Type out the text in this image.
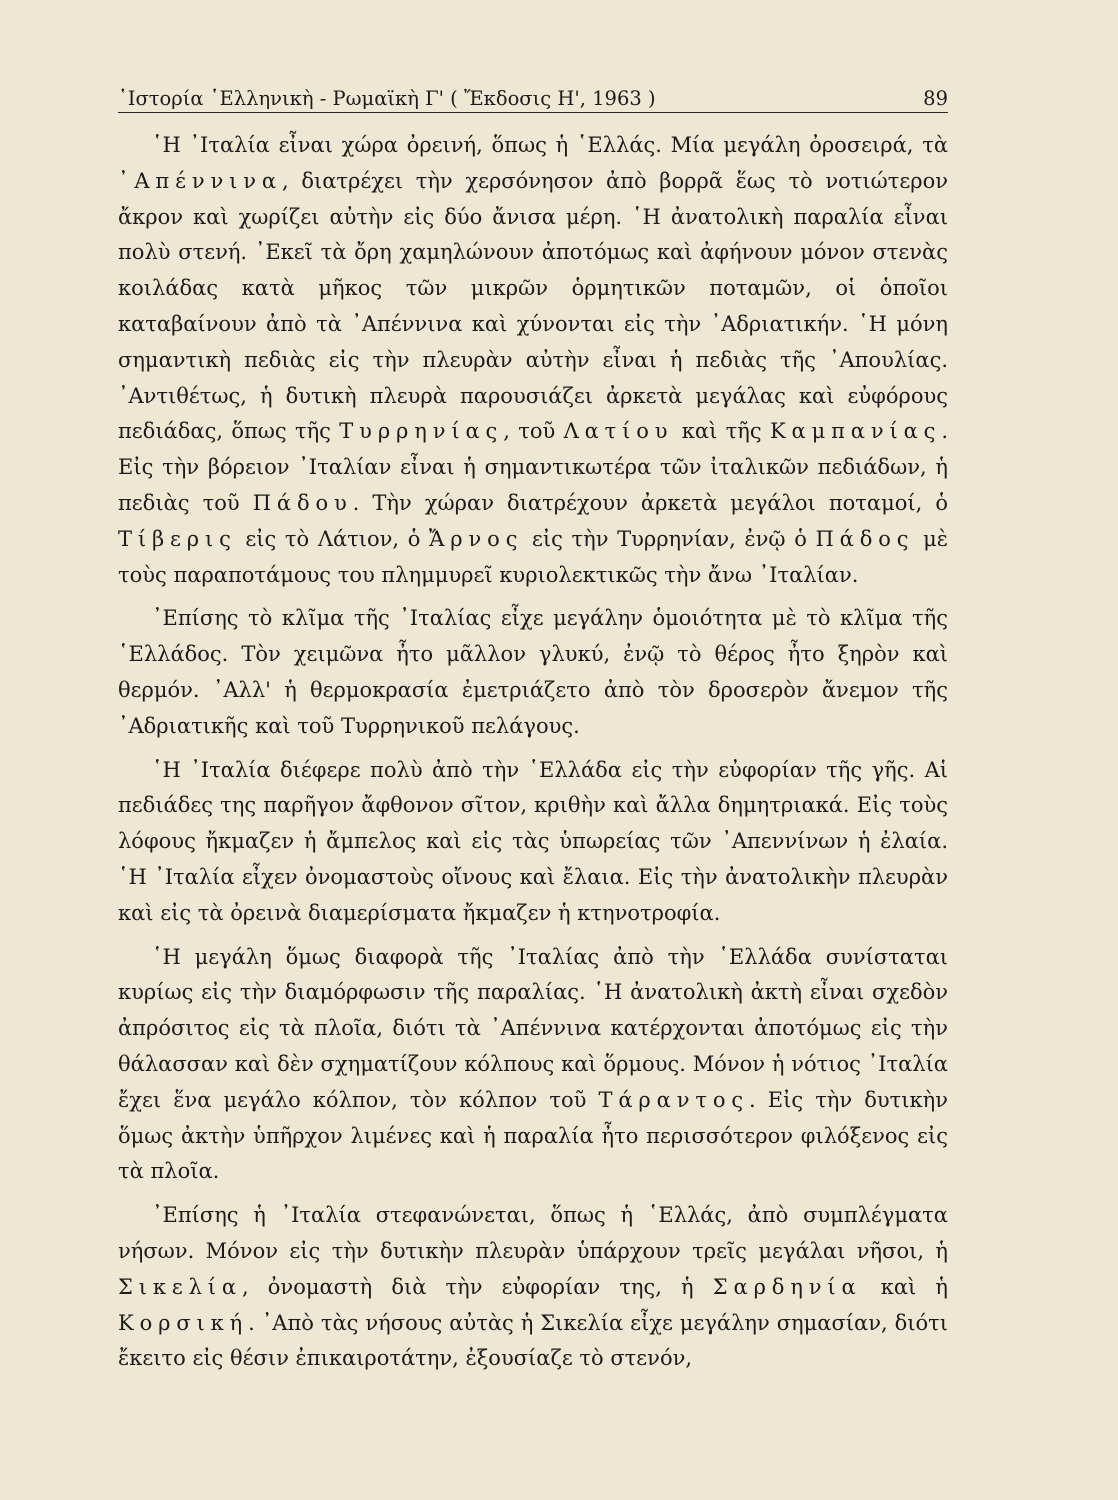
῾Ιστορία ῾Ελληνικὴ - Ρωμαϊκὴ Γ' ( Ἔκδοσις Η', 1963 )	89

῾Η ᾿Ιταλία εἶναι χώρα ὀρεινή, ὅπως ἡ ῾Ελλάς. Μία μεγάλη ὀροσειρά, τὰ ᾿Απέννινα, διατρέχει τὴν χερσόνησον ἀπὸ βορρᾶ ἕως τὸ νοτιώτερον ἄκρον καὶ χωρίζει αὐτὴν εἰς δύο ἄνισα μέρη. ῾Η ἀνατολικὴ παραλία εἶναι πολὺ στενή. ᾿Εκεῖ τὰ ὄρη χαμηλώνουν ἀποτόμως καὶ ἀφήνουν μόνον στενὰς κοιλάδας κατὰ μῆκος τῶν μικρῶν ὁρμητικῶν ποταμῶν, οἱ ὁποῖοι καταβαίνουν ἀπὸ τὰ ᾿Απέννινα καὶ χύνονται εἰς τὴν ᾿Αδριατικήν. ῾Η μόνη σημαντικὴ πεδιὰς εἰς τὴν πλευρὰν αὐτὴν εἶναι ἡ πεδιὰς τῆς ᾿Απουλίας. ᾿Αντιθέτως, ἡ δυτικὴ πλευρὰ παρουσιάζει ἀρκετὰ μεγάλας καὶ εὐφόρους πεδιάδας, ὅπως τῆς Τυρρηνίας, τοῦ Λατίου καὶ τῆς Καμπανίας. Εἰς τὴν βόρειον ᾿Ιταλίαν εἶναι ἡ σημαντικωτέρα τῶν ἰταλικῶν πεδιάδων, ἡ πεδιὰς τοῦ Πάδου. Τὴν χώραν διατρέχουν ἀρκετὰ μεγάλοι ποταμοί, ὁ Τίβερις εἰς τὸ Λάτιον, ὁ Ἄρνος εἰς τὴν Τυρρηνίαν, ἐνῷ ὁ Πάδος μὲ τοὺς παραποτάμους του πλημμυρεῖ κυριολεκτικῶς τὴν ἄνω ᾿Ιταλίαν.

᾿Επίσης τὸ κλῖμα τῆς ᾿Ιταλίας εἶχε μεγάλην ὁμοιότητα μὲ τὸ κλῖμα τῆς ῾Ελλάδος. Τὸν χειμῶνα ἦτο μᾶλλον γλυκύ, ἐνῷ τὸ θέρος ἦτο ξηρὸν καὶ θερμόν. ᾿Αλλ' ἡ θερμοκρασία ἐμετριάζετο ἀπὸ τὸν δροσερὸν ἄνεμον τῆς ᾿Αδριατικῆς καὶ τοῦ Τυρρηνικοῦ πελάγους.

῾Η ᾿Ιταλία διέφερε πολὺ ἀπὸ τὴν ῾Ελλάδα εἰς τὴν εὐφορίαν τῆς γῆς. Αἱ πεδιάδες της παρῆγον ἄφθονον σῖτον, κριθὴν καὶ ἄλλα δημητριακά. Εἰς τοὺς λόφους ἤκμαζεν ἡ ἄμπελος καὶ εἰς τὰς ὑπωρείας τῶν ᾿Απεννίνων ἡ ἐλαία. ῾Η ᾿Ιταλία εἶχεν ὀνομαστοὺς οἴνους καὶ ἔλαια. Εἰς τὴν ἀνατολικὴν πλευρὰν καὶ εἰς τὰ ὀρεινὰ διαμερίσματα ἤκμαζεν ἡ κτηνοτροφία.

῾Η μεγάλη ὅμως διαφορὰ τῆς ᾿Ιταλίας ἀπὸ τὴν ῾Ελλάδα συνίσταται κυρίως εἰς τὴν διαμόρφωσιν τῆς παραλίας. ῾Η ἀνατολικὴ ἀκτὴ εἶναι σχεδὸν ἀπρόσιτος εἰς τὰ πλοῖα, διότι τὰ ᾿Απέννινα κατέρχονται ἀποτόμως εἰς τὴν θάλασσαν καὶ δὲν σχηματίζουν κόλπους καὶ ὅρμους. Μόνον ἡ νότιος ᾿Ιταλία ἔχει ἕνα μεγάλο κόλπον, τὸν κόλπον τοῦ Τάραντος. Εἰς τὴν δυτικὴν ὅμως ἀκτὴν ὑπῆρχον λιμένες καὶ ἡ παραλία ἦτο περισσότερον φιλόξενος εἰς τὰ πλοῖα.

᾿Επίσης ἡ ᾿Ιταλία στεφανώνεται, ὅπως ἡ ῾Ελλάς, ἀπὸ συμπλέγματα νήσων. Μόνον εἰς τὴν δυτικὴν πλευρὰν ὑπάρχουν τρεῖς μεγάλαι νῆσοι, ἡ Σικελία, ὀνομαστὴ διὰ τὴν εὐφορίαν της, ἡ Σαρδηνία καὶ ἡ Κορσική. ᾿Απὸ τὰς νήσους αὐτὰς ἡ Σικελία εἶχε μεγάλην σημασίαν, διότι ἔκειτο εἰς θέσιν ἐπικαιροτάτην, ἐξουσίαζε τὸ στενόν,
